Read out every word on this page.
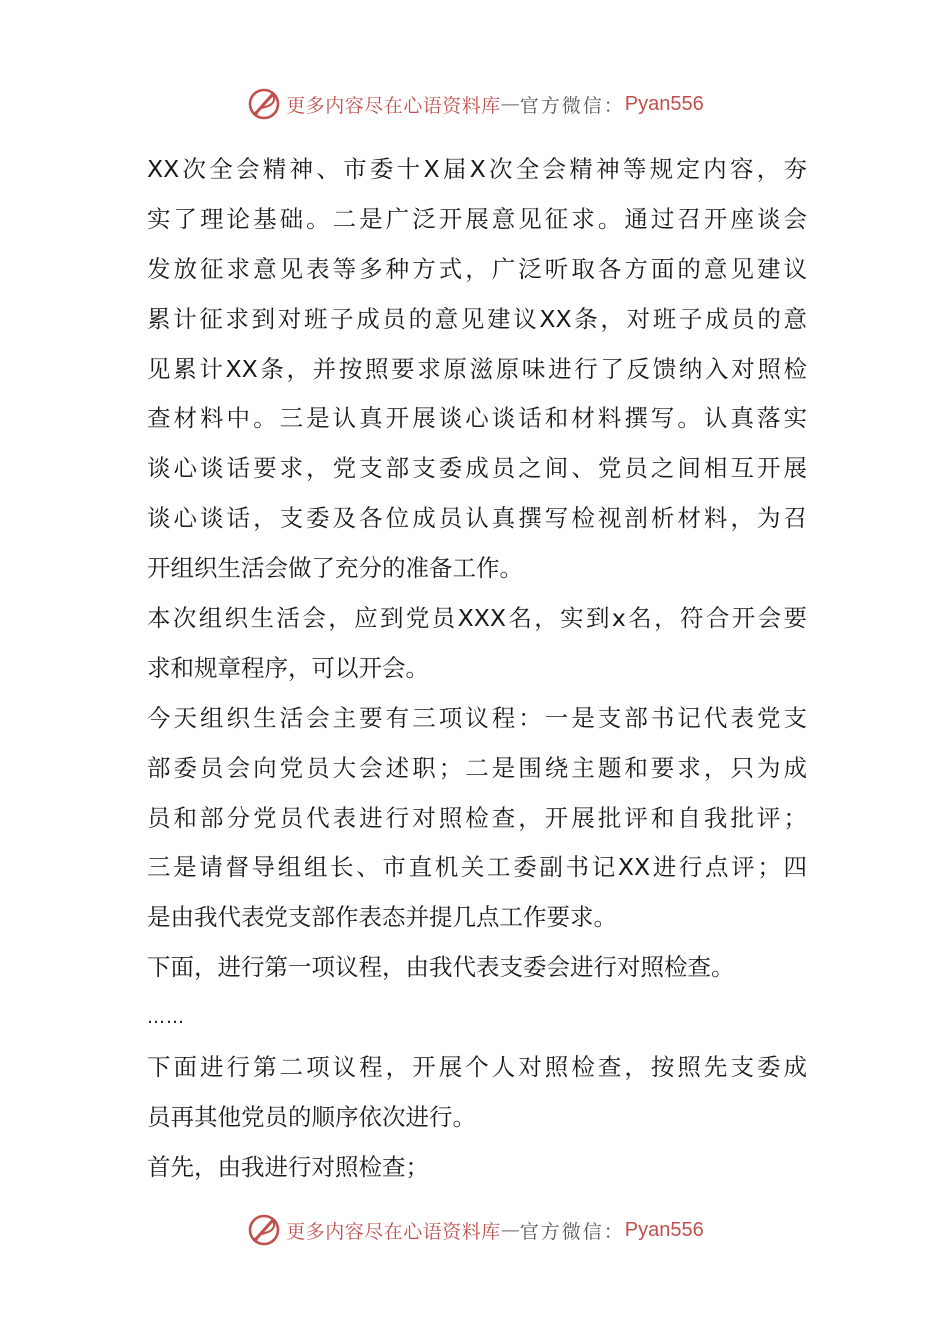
更多内容尽在心语资料库 — 官方微信： Pyan556
XX次全会精神、市委十X届X次全会精神等规定内容，夯
实了理论基础。二是广泛开展意见征求。通过召开座谈会
发放征求意见表等多种方式，广泛听取各方面的意见建议
累计征求到对班子成员的意见建议XX条，对班子成员的意
见累计XX条，并按照要求原滋原味进行了反馈纳入对照检
查材料中。三是认真开展谈心谈话和材料撰写。认真落实
谈心谈话要求，党支部支委成员之间、党员之间相互开展
谈心谈话，支委及各位成员认真撰写检视剖析材料，为召
开组织生活会做了充分的准备工作。
本次组织生活会，应到党员XXX名，实到x名，符合开会要
求和规章程序，可以开会。
今天组织生活会主要有三项议程：一是支部书记代表党支
部委员会向党员大会述职；二是围绕主题和要求，只为成
员和部分党员代表进行对照检查，开展批评和自我批评；
三是请督导组组长、市直机关工委副书记XX进行点评；四
是由我代表党支部作表态并提几点工作要求。
下面，进行第一项议程，由我代表支委会进行对照检查。
……
下面进行第二项议程，开展个人对照检查，按照先支委成
员再其他党员的顺序依次进行。
首先，由我进行对照检查；
更多内容尽在心语资料库 — 官方微信： Pyan556
